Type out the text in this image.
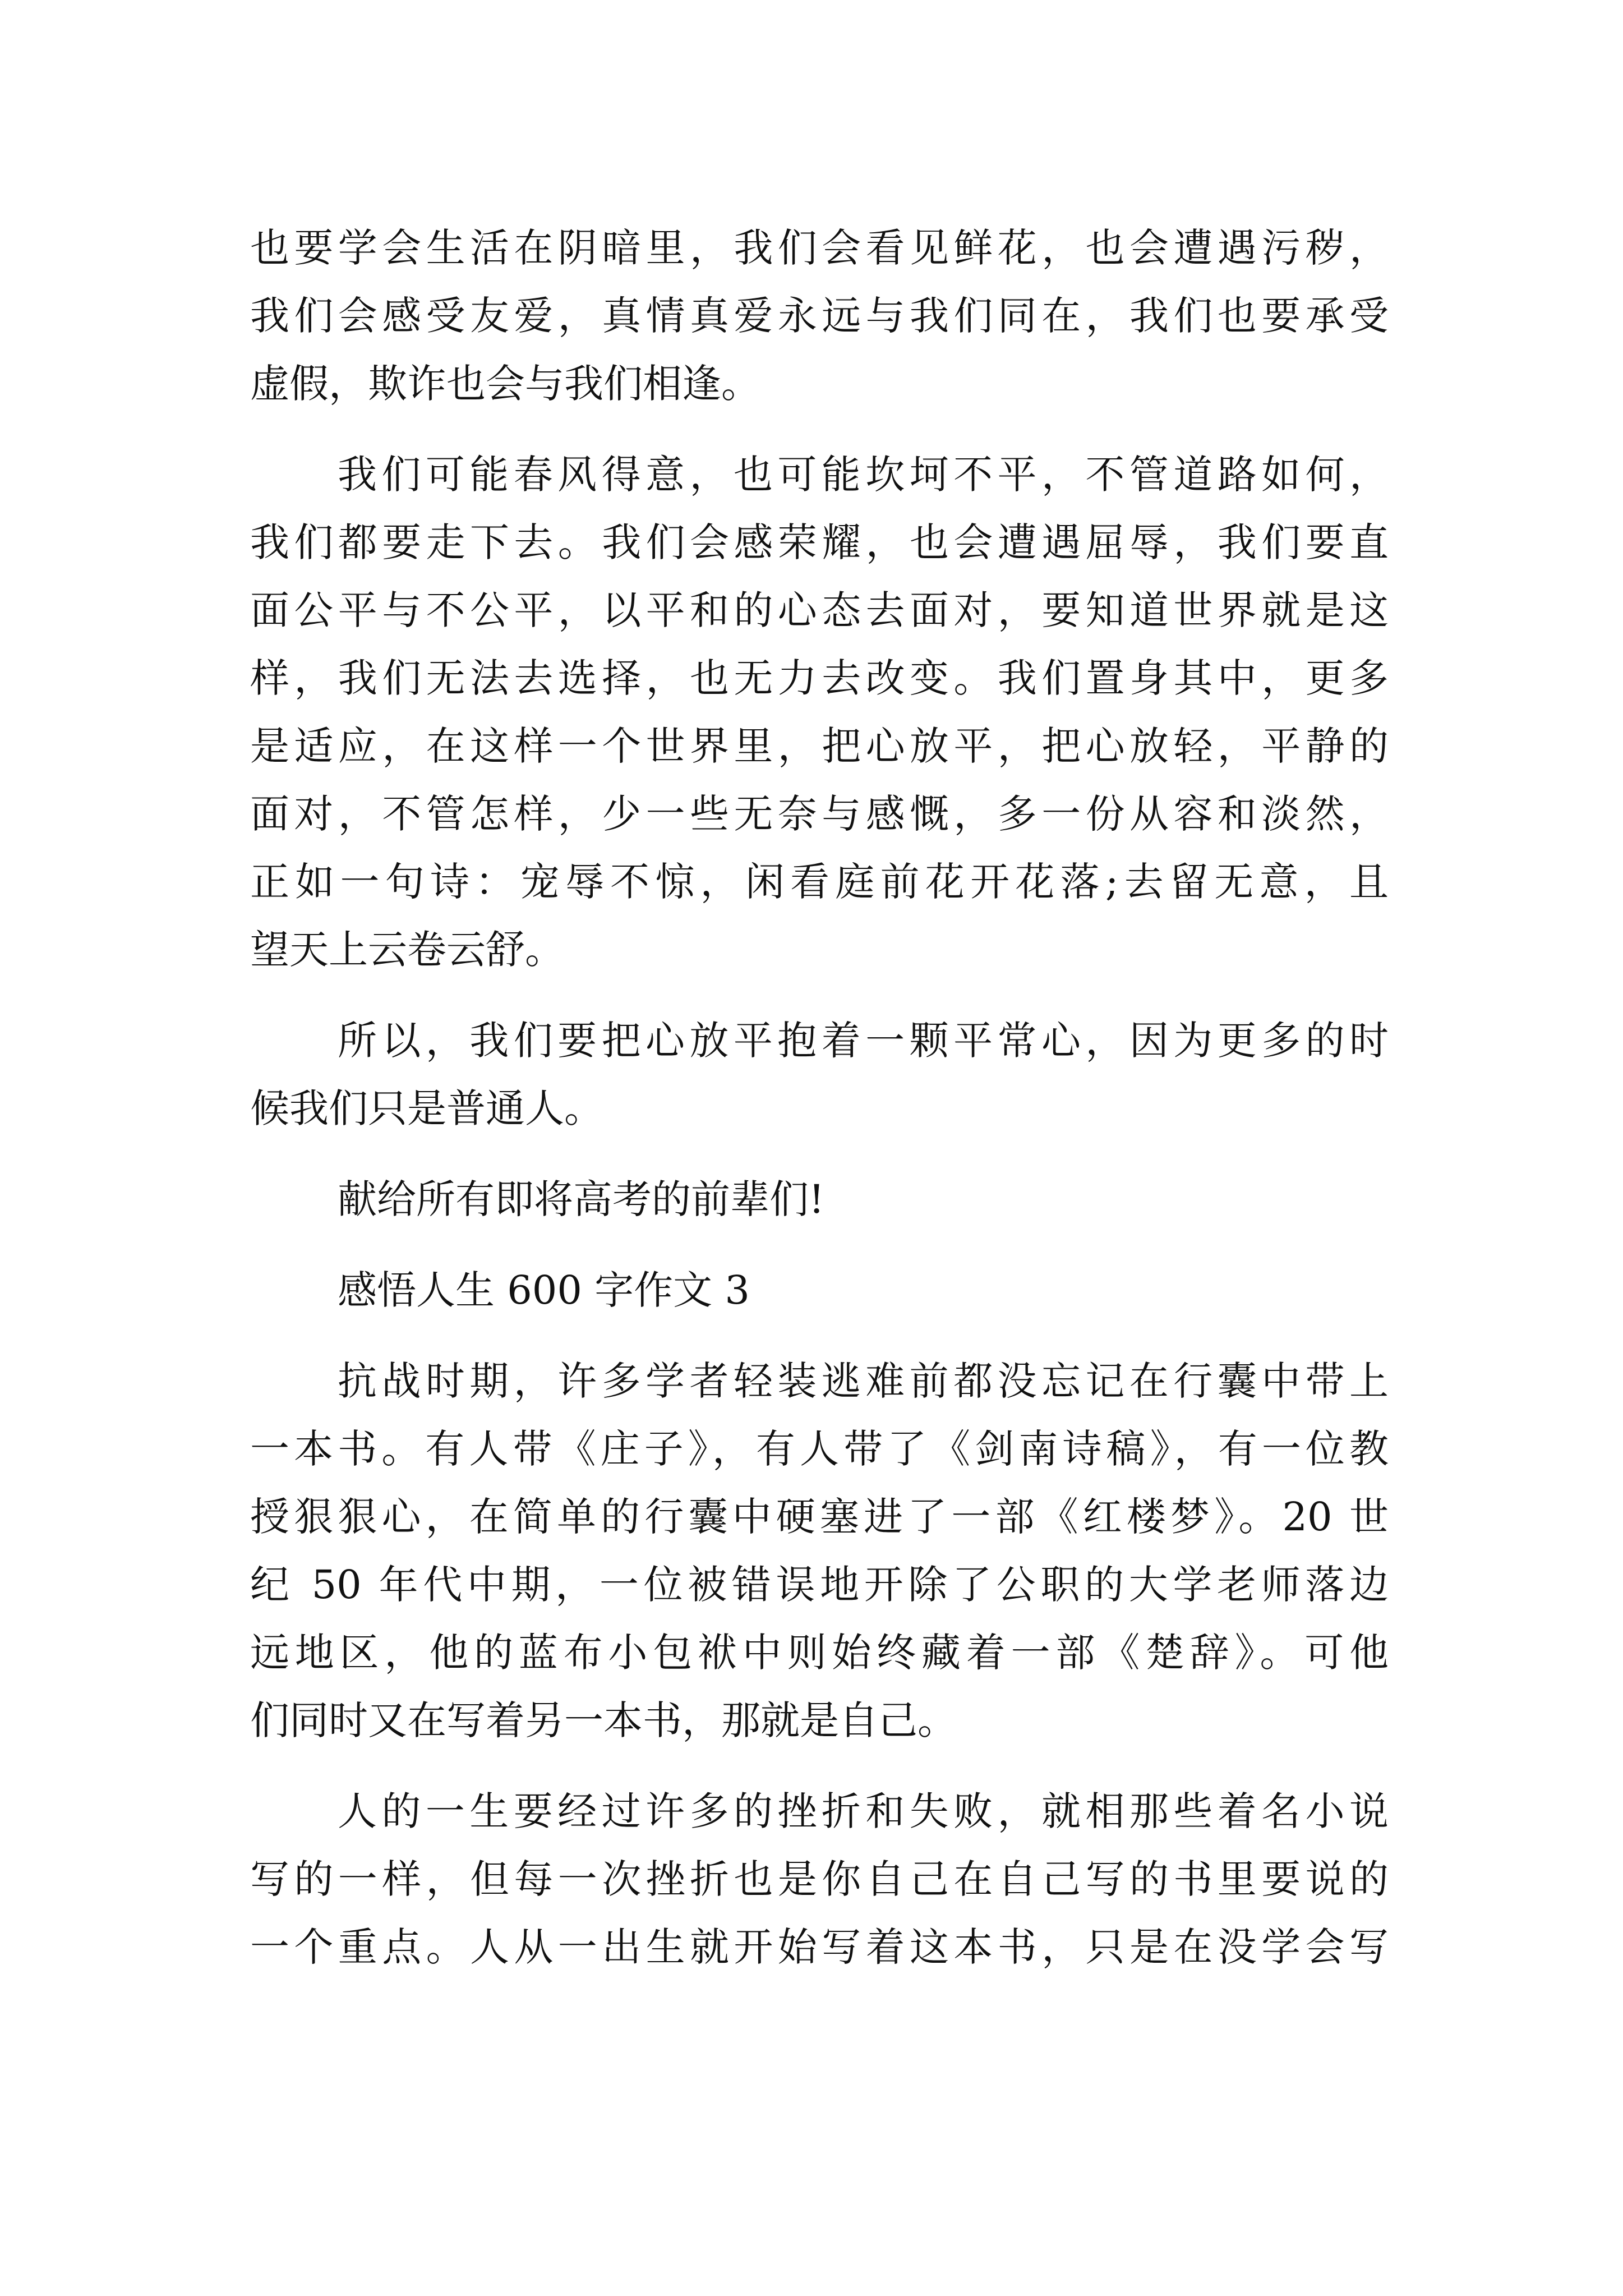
也要学会生活在阴暗里，我们会看见鲜花，也会遭遇污秽，
我们会感受友爱，真情真爱永远与我们同在，我们也要承受
虚假，欺诈也会与我们相逢。
我们可能春风得意，也可能坎坷不平，不管道路如何，
我们都要走下去。我们会感荣耀，也会遭遇屈辱，我们要直
面公平与不公平，以平和的心态去面对，要知道世界就是这
样，我们无法去选择，也无力去改变。我们置身其中，更多
是适应，在这样一个世界里，把心放平，把心放轻，平静的
面对，不管怎样，少一些无奈与感慨，多一份从容和淡然，
正如一句诗：宠辱不惊，闲看庭前花开花落;去留无意，且
望天上云卷云舒。
所以，我们要把心放平抱着一颗平常心，因为更多的时
候我们只是普通人。
献给所有即将高考的前辈们!
感悟人生 600 字作文 3
抗战时期，许多学者轻装逃难前都没忘记在行囊中带上
一本书。有人带《庄子》，有人带了《剑南诗稿》，有一位教
授狠狠心，在简单的行囊中硬塞进了一部《红楼梦》。20 世
纪 50 年代中期，一位被错误地开除了公职的大学老师落边
远地区，他的蓝布小包袱中则始终藏着一部《楚辞》。可他
们同时又在写着另一本书，那就是自己。
人的一生要经过许多的挫折和失败，就相那些着名小说
写的一样，但每一次挫折也是你自己在自己写的书里要说的
一个重点。人从一出生就开始写着这本书，只是在没学会写
